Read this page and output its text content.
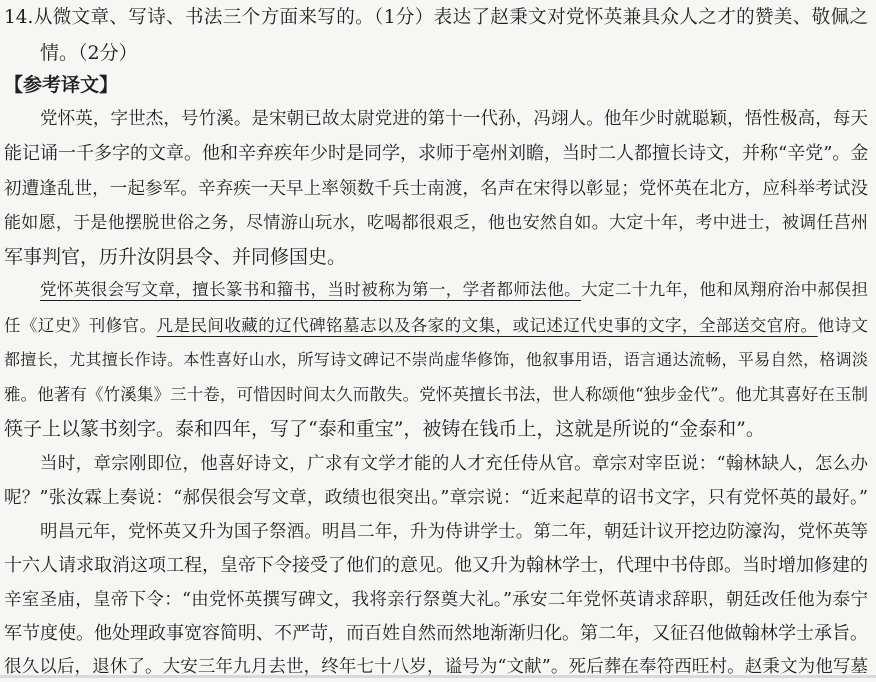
14.从微文章、写诗、书法三个方面来写的。（1分）表达了赵秉文对党怀英兼具众人之才的赞美、敬佩之
情。（2分）
【参考译文】
党怀英，字世杰，号竹溪。是宋朝已故太尉党进的第十一代孙，冯翊人。他年少时就聪颖，悟性极高，每天
能记诵一千多字的文章。他和辛弃疾年少时是同学，求师于亳州刘瞻，当时二人都擅长诗文，并称“辛党”。金
初遭逢乱世，一起参军。辛弃疾一天早上率领数千兵士南渡，名声在宋得以彰显；党怀英在北方，应科举考试没
能如愿，于是他摆脱世俗之务，尽情游山玩水，吃喝都很艰乏，他也安然自如。大定十年，考中进士，被调任莒州
军事判官，历升汝阴县令、并同修国史。
党怀英很会写文章，擅长篆书和籀书，当时被称为第一，学者都师法他。大定二十九年，他和凤翔府治中郝俣担
任《辽史》刊修官。凡是民间收藏的辽代碑铭墓志以及各家的文集，或记述辽代史事的文字，全部送交官府。他诗文
都擅长，尤其擅长作诗。本性喜好山水，所写诗文碑记不崇尚虚华修饰，他叙事用语，语言通达流畅，平易自然，格调淡
雅。他著有《竹溪集》三十卷，可惜因时间太久而散失。党怀英擅长书法，世人称颂他“独步金代”。他尤其喜好在玉制
筷子上以篆书刻字。泰和四年，写了“泰和重宝”，被铸在钱币上，这就是所说的“金泰和”。
当时，章宗刚即位，他喜好诗文，广求有文学才能的人才充任侍从官。章宗对宰臣说：“翰林缺人，怎么办
呢？”张汝霖上奏说：“郝俣很会写文章，政绩也很突出。”章宗说：“近来起草的诏书文字，只有党怀英的最好。”
明昌元年，党怀英又升为国子祭酒。明昌二年，升为侍讲学士。第二年，朝廷计议开挖边防濠沟，党怀英等
十六人请求取消这项工程，皇帝下令接受了他们的意见。他又升为翰林学士，代理中书侍郎。当时增加修建的
辛室圣庙，皇帝下令：“由党怀英撰写碑文，我将亲行祭奠大礼。”承安二年党怀英请求辞职，朝廷改任他为泰宁
军节度使。他处理政事宽容简明、不严苛，而百姓自然而然地渐渐归化。第二年，又征召他做翰林学士承旨。
很久以后，退休了。大安三年九月去世，终年七十八岁，谥号为“文献”。死后葬在奉符西旺村。赵秉文为他写墓
